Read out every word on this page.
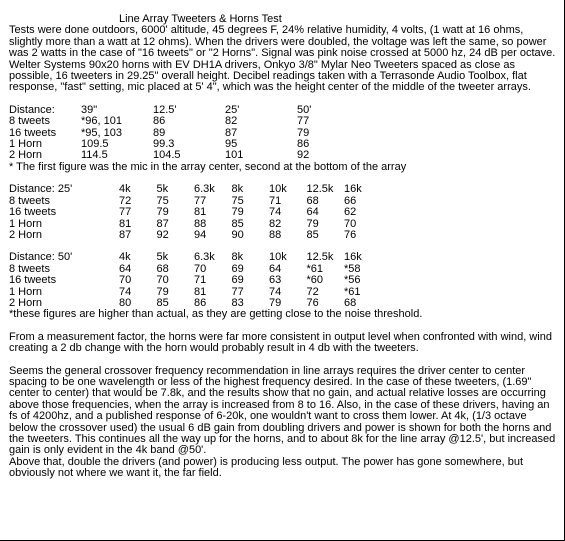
Line Array Tweeters & Horns Test

Tests were done outdoors, 6000' altitude, 45 degrees F, 24% relative humidity, 4 volts, (1 watt at 16 ohms, slightly more than a watt at 12 ohms). When the drivers were doubled, the voltage was left the same, so power was 2 watts in the case of "16 tweets" or "2 Horns". Signal was pink noise crossed at 5000 hz, 24 dB per octave. Welter Systems 90x20 horns with EV DH1A drivers, Onkyo 3/8" Mylar Neo Tweeters spaced as close as possible, 16 tweeters in 29.25" overall height. Decibel readings taken with a Terrasonde Audio Toolbox, flat response, "fast" setting, mic placed at 5' 4", which was the height center of the middle of the tweeter arrays.

Distance:	39"	12.5'	25'	50'
8 tweets	*96, 101	86	82	77
16 tweets	*95, 103	89	87	79
1 Horn	109.5	99.3	95	86
2 Horn	114.5	104.5	101	92

* The first figure was the mic in the array center, second at the bottom of the array

Distance: 25'	4k	5k	6.3k	8k	10k	12.5k	16k
8 tweets	72	75	77	75	71	68	66
16 tweets	77	79	81	79	74	64	62
1 Horn	81	87	88	85	82	79	70
2 Horn	87	92	94	90	88	85	76
Distance: 50'	4k	5k	6.3k	8k	10k	12.5k	16k
8 tweets	64	68	70	69	64	*61	*58
16 tweets	70	70	71	69	63	*60	*56
1 Horn	74	79	81	77	74	72	*61
2 Horn	80	85	86	83	79	76	68

*these figures are higher than actual, as they are getting close to the noise threshold.

From a measurement factor, the horns were far more consistent in output level when confronted with wind, wind creating a 2 db change with the horn would probably result in 4 db with the tweeters.

Seems the general crossover frequency recommendation in line arrays requires the driver center to center spacing to be one wavelength or less of the highest frequency desired. In the case of these tweeters, (1.69" center to center) that would be 7.8k, and the results show that no gain, and actual relative losses are occurring above those frequencies, when the array is increased from 8 to 16. Also, in the case of these drivers, having an fs of 4200hz, and a published response of 6-20k, one wouldn't want to cross them lower. At 4k, (1/3 octave below the crossover used) the usual 6 dB gain from doubling drivers and power is shown for both the horns and the tweeters. This continues all the way up for the horns, and to about 8k for the line array @12.5', but increased gain is only evident in the 4k band @50'.

Above that, double the drivers (and power) is producing less output. The power has gone somewhere, but obviously not where we want it, the far field.
